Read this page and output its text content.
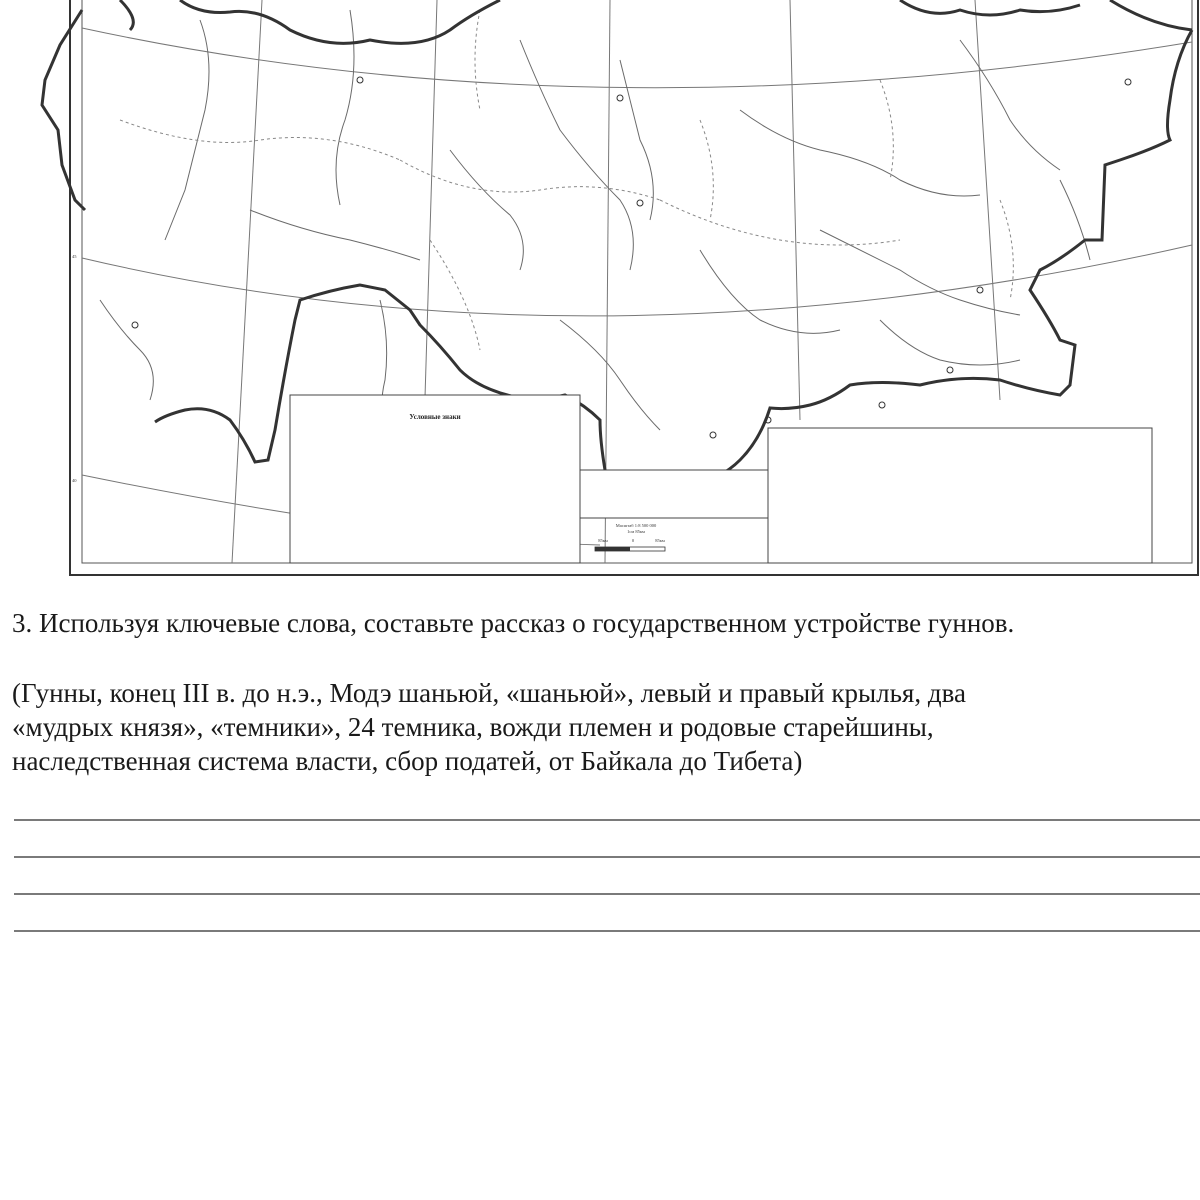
45
40
Условные знаки
Масштаб 1:8 500 000
1см 85км
85км	0	85км
3. Используя ключевые слова, составьте рассказ о государственном устройстве гуннов.
(Гунны, конец III в. до н.э., Модэ шаньюй, «шаньюй», левый и правый крылья, два
«мудрых князя», «темники», 24 темника, вожди племен и родовые старейшины,
наследственная система власти, сбор податей, от Байкала до Тибета)
